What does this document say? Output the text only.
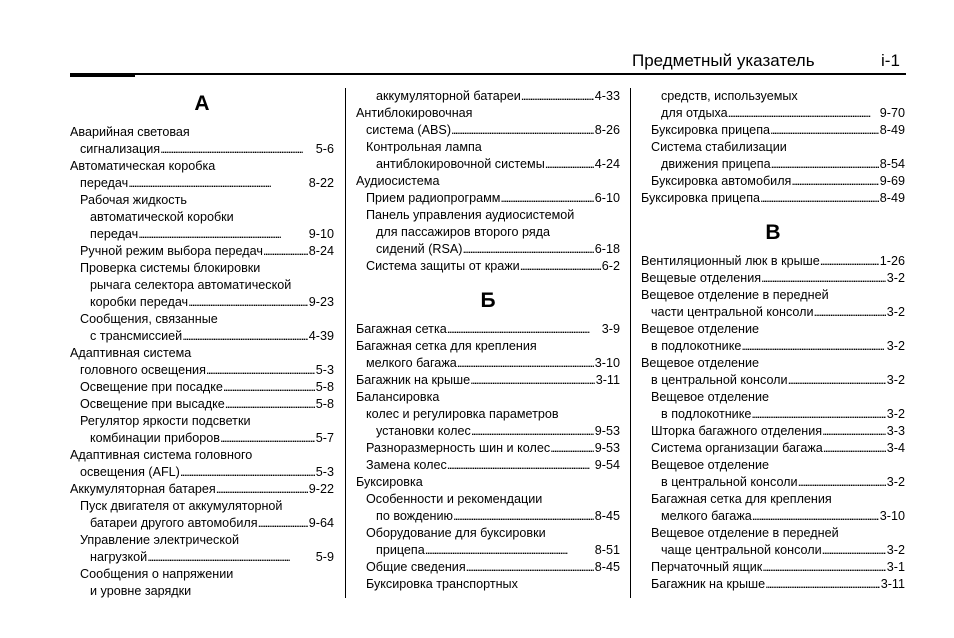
Предметный указатель	i-1
А
Аварийная световая
сигнализация . . .	5-6
Автоматическая коробка
передач . . .	8-22
Рабочая жидкость
автоматической коробки
передач . . .	9-10
Ручной режим выбора передач . . .	8-24
Проверка системы блокировки
рычага селектора автоматической
коробки передач . . .	9-23
Сообщения, связанные
с трансмиссией . . .	4-39
Адаптивная система
головного освещения . . .	5-3
Освещение при посадке . . .	5-8
Освещение при высадке . . .	5-8
Регулятор яркости подсветки
комбинации приборов . . .	5-7
Адаптивная система головного
освещения (AFL) . . .	5-3
Аккумуляторная батарея . . .	9-22
Пуск двигателя от аккумуляторной
батареи другого автомобиля . . .	9-64
Управление электрической
нагрузкой . . .	5-9
Сообщения о напряжении
и уровне зарядки
аккумуляторной батареи . . .	4-33
Антиблокировочная
система (ABS) . . .	8-26
Контрольная лампа
антиблокировочной системы . . .	4-24
Аудиосистема
Прием радиопрограмм . . .	6-10
Панель управления аудиосистемой
для пассажиров второго ряда
сидений (RSA) . . .	6-18
Система защиты от кражи . . .	6-2
Б
Багажная сетка . . .	3-9
Багажная сетка для крепления
мелкого багажа . . .	3-10
Багажник на крыше . . .	3-11
Балансировка
колес и регулировка параметров
установки колес . . .	9-53
Разноразмерность шин и колес . . .	9-53
Замена колес . . .	9-54
Буксировка
Особенности и рекомендации
по вождению . . .	8-45
Оборудование для буксировки
прицепа . . .	8-51
Общие сведения . . .	8-45
Буксировка транспортных
средств, используемых
для отдыха . . .	9-70
Буксировка прицепа . . .	8-49
Система стабилизации
движения прицепа . . .	8-54
Буксировка автомобиля . . .	9-69
Буксировка прицепа . . .	8-49
В
Вентиляционный люк в крыше . . .	1-26
Вещевые отделения . . .	3-2
Вещевое отделение в передней
части центральной консоли . . .	3-2
Вещевое отделение
в подлокотнике . . .	3-2
Вещевое отделение
в центральной консоли . . .	3-2
Вещевое отделение
в подлокотнике . . .	3-2
Шторка багажного отделения . . .	3-3
Система организации багажа . . .	3-4
Вещевое отделение
в центральной консоли . . .	3-2
Багажная сетка для крепления
мелкого багажа . . .	3-10
Вещевое отделение в передней
чаще центральной консоли . . .	3-2
Перчаточный ящик . . .	3-1
Багажник на крыше . . .	3-11
